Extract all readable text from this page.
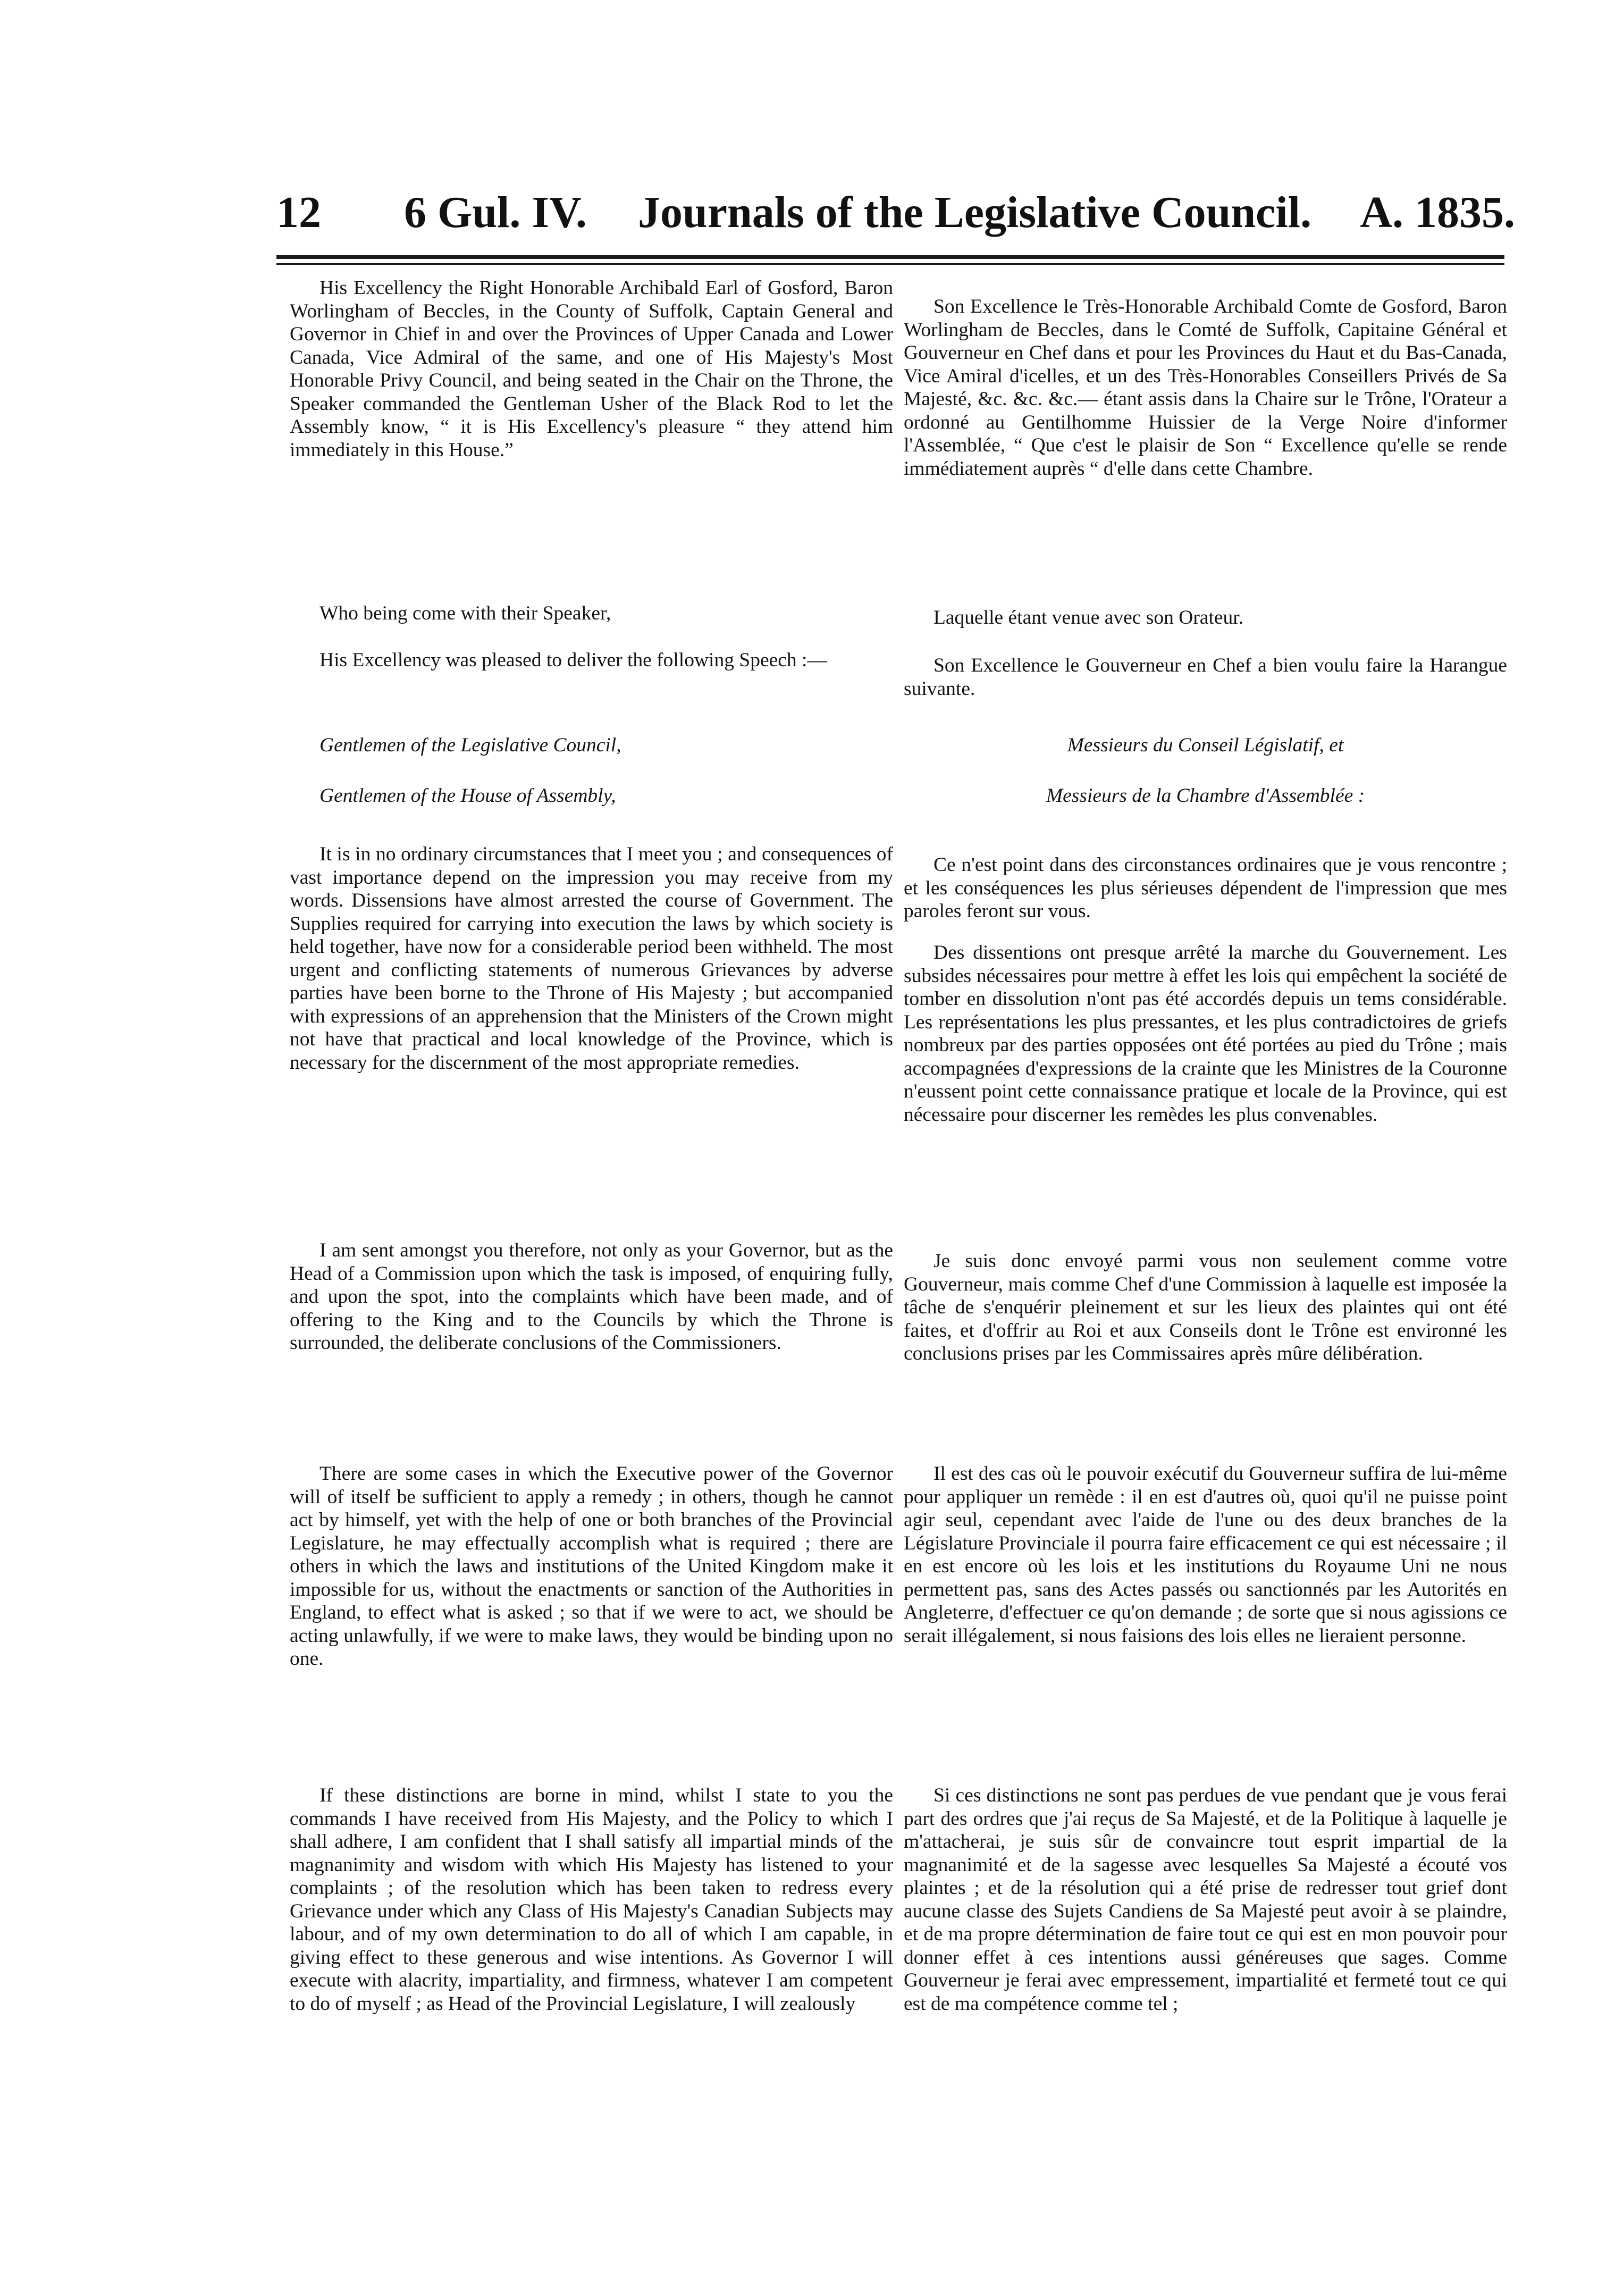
12 6 Gul. IV. Journals of the Legislative Council. A. 1835.

His Excellency the Right Honorable Archibald Earl of Gosford, Baron Worlingham of Beccles, in the County of Suffolk, Captain General and Governor in Chief in and over the Provinces of Upper Canada and Lower Canada, Vice Admiral of the same, and one of His Majesty's Most Honorable Privy Council, and being seated in the Chair on the Throne, the Speaker commanded the Gentleman Usher of the Black Rod to let the Assembly know, “ it is His Excellency's pleasure “ they attend him immediately in this House.”

Who being come with their Speaker,

His Excellency was pleased to deliver the following Speech :—

Gentlemen of the Legislative Council,

Gentlemen of the House of Assembly,

It is in no ordinary circumstances that I meet you ; and consequences of vast importance depend on the impression you may receive from my words. Dissensions have almost arrested the course of Government. The Supplies required for carrying into execution the laws by which society is held together, have now for a considerable period been withheld. The most urgent and conflicting statements of numerous Grievances by adverse parties have been borne to the Throne of His Majesty ; but accompanied with expressions of an apprehension that the Ministers of the Crown might not have that practical and local knowledge of the Province, which is necessary for the discernment of the most appropriate remedies.

I am sent amongst you therefore, not only as your Governor, but as the Head of a Commission upon which the task is imposed, of enquiring fully, and upon the spot, into the complaints which have been made, and of offering to the King and to the Councils by which the Throne is surrounded, the deliberate conclusions of the Commissioners.

There are some cases in which the Executive power of the Governor will of itself be sufficient to apply a remedy ; in others, though he cannot act by himself, yet with the help of one or both branches of the Provincial Legislature, he may effectually accomplish what is required ; there are others in which the laws and institutions of the United Kingdom make it impossible for us, without the enactments or sanction of the Authorities in England, to effect what is asked ; so that if we were to act, we should be acting unlawfully, if we were to make laws, they would be binding upon no one.

If these distinctions are borne in mind, whilst I state to you the commands I have received from His Majesty, and the Policy to which I shall adhere, I am confident that I shall satisfy all impartial minds of the magnanimity and wisdom with which His Majesty has listened to your complaints ; of the resolution which has been taken to redress every Grievance under which any Class of His Majesty's Canadian Subjects may labour, and of my own determination to do all of which I am capable, in giving effect to these generous and wise intentions. As Governor I will execute with alacrity, impartiality, and firmness, whatever I am competent to do of myself ; as Head of the Provincial Legislature, I will zealously

Son Excellence le Très-Honorable Archibald Comte de Gosford, Baron Worlingham de Beccles, dans le Comté de Suffolk, Capitaine Général et Gouverneur en Chef dans et pour les Provinces du Haut et du Bas-Canada, Vice Amiral d'icelles, et un des Très-Honorables Conseillers Privés de Sa Majesté, &c. &c. &c.— étant assis dans la Chaire sur le Trône, l'Orateur a ordonné au Gentilhomme Huissier de la Verge Noire d'informer l'Assemblée, “ Que c'est le plaisir de Son “ Excellence qu'elle se rende immédiatement auprès “ d'elle dans cette Chambre.

Laquelle étant venue avec son Orateur.

Son Excellence le Gouverneur en Chef a bien voulu faire la Harangue suivante.

Messieurs du Conseil Législatif, et

Messieurs de la Chambre d'Assemblée :

Ce n'est point dans des circonstances ordinaires que je vous rencontre ; et les conséquences les plus sérieuses dépendent de l'impression que mes paroles feront sur vous.

Des dissentions ont presque arrêté la marche du Gouvernement. Les subsides nécessaires pour mettre à effet les lois qui empêchent la société de tomber en dissolution n'ont pas été accordés depuis un tems considérable. Les représentations les plus pressantes, et les plus contradictoires de griefs nombreux par des parties opposées ont été portées au pied du Trône ; mais accompagnées d'expressions de la crainte que les Ministres de la Couronne n'eussent point cette connaissance pratique et locale de la Province, qui est nécessaire pour discerner les remèdes les plus convenables.

Je suis donc envoyé parmi vous non seulement comme votre Gouverneur, mais comme Chef d'une Commission à laquelle est imposée la tâche de s'enquérir pleinement et sur les lieux des plaintes qui ont été faites, et d'offrir au Roi et aux Conseils dont le Trône est environné les conclusions prises par les Commissaires après mûre délibération.

Il est des cas où le pouvoir exécutif du Gouverneur suffira de lui-même pour appliquer un remède : il en est d'autres où, quoi qu'il ne puisse point agir seul, cependant avec l'aide de l'une ou des deux branches de la Législature Provinciale il pourra faire efficacement ce qui est nécessaire ; il en est encore où les lois et les institutions du Royaume Uni ne nous permettent pas, sans des Actes passés ou sanctionnés par les Autorités en Angleterre, d'effectuer ce qu'on demande ; de sorte que si nous agissions ce serait illégalement, si nous faisions des lois elles ne lieraient personne.

Si ces distinctions ne sont pas perdues de vue pendant que je vous ferai part des ordres que j'ai reçus de Sa Majesté, et de la Politique à laquelle je m'attacherai, je suis sûr de convaincre tout esprit impartial de la magnanimité et de la sagesse avec lesquelles Sa Majesté a écouté vos plaintes ; et de la résolution qui a été prise de redresser tout grief dont aucune classe des Sujets Candiens de Sa Majesté peut avoir à se plaindre, et de ma propre détermination de faire tout ce qui est en mon pouvoir pour donner effet à ces intentions aussi généreuses que sages. Comme Gouverneur je ferai avec empressement, impartialité et fermeté tout ce qui est de ma compétence comme tel ;
